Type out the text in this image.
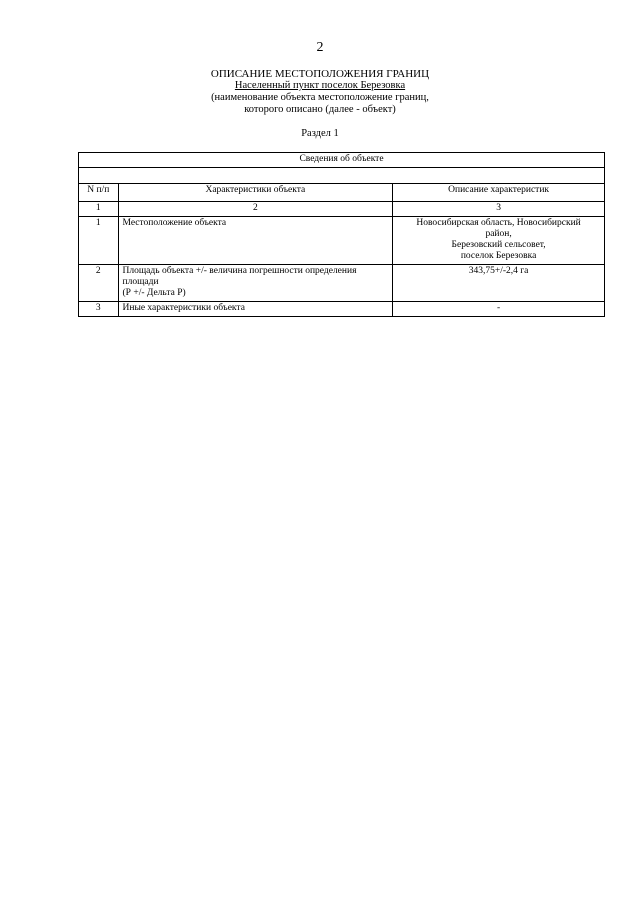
2
ОПИСАНИЕ МЕСТОПОЛОЖЕНИЯ ГРАНИЦ
Населенный пункт поселок Березовка
(наименование объекта местоположение границ,
которого описано (далее - объект)
Раздел 1
Сведения об объекте		

N п/п	Характеристики объекта	Описание характеристик
1	2	3
1	Местоположение объекта	Новосибирская область, Новосибирский
район,
Березовский сельсовет,
поселок Березовка

2	Площадь объекта +/- величина погрешности определения
площади
(Р +/- Дельта Р)	343,75+/-2,4 га
3	Иные характеристики объекта	-
